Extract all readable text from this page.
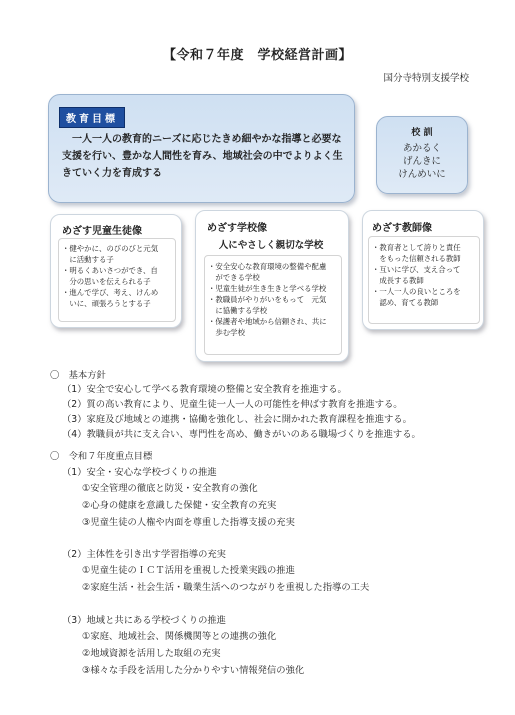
【令和７年度　学校経営計画】
国分寺特別支援学校
教育目標
一人一人の教育的ニーズに応じたきめ細やかな指導と必要な
支援を行い、豊かな人間性を育み、地域社会の中でよりよく生
きていく力を育成する
校 訓
あかるく
げんきに
けんめいに
めざす児童生徒像
・健やかに、のびのびと元気
　に活動する子
・明るくあいさつができ、自
　分の思いを伝えられる子
・進んで学び、考え、けんめ
　いに、頑張ろうとする子
めざす学校像
人にやさしく親切な学校
・安全安心な教育環境の整備や配慮
　ができる学校
・児童生徒が生き生きと学べる学校
・教職員がやりがいをもって　元気
　に協働する学校
・保護者や地域から信頼され、共に
　歩む学校
めざす教師像
・教育者として誇りと責任
　をもった信頼される教師
・互いに学び、支え合って
　成長する教師
・一人一人の良いところを
　認め、育てる教師
〇　基本方針
（1）安全で安心して学べる教育環境の整備と安全教育を推進する。
（2）質の高い教育により、児童生徒一人一人の可能性を伸ばす教育を推進する。
（3）家庭及び地域との連携・協働を強化し、社会に開かれた教育課程を推進する。
（4）教職員が共に支え合い、専門性を高め、働きがいのある職場づくりを推進する。
〇　令和７年度重点目標
（1）安全・安心な学校づくりの推進
①安全管理の徹底と防災・安全教育の強化
②心身の健康を意識した保健・安全教育の充実
③児童生徒の人権や内面を尊重した指導支援の充実
（2）主体性を引き出す学習指導の充実
①児童生徒のＩＣＴ活用を重視した授業実践の推進
②家庭生活・社会生活・職業生活へのつながりを重視した指導の工夫
（3）地域と共にある学校づくりの推進
①家庭、地域社会、関係機関等との連携の強化
②地域資源を活用した取組の充実
③様々な手段を活用した分かりやすい情報発信の強化
